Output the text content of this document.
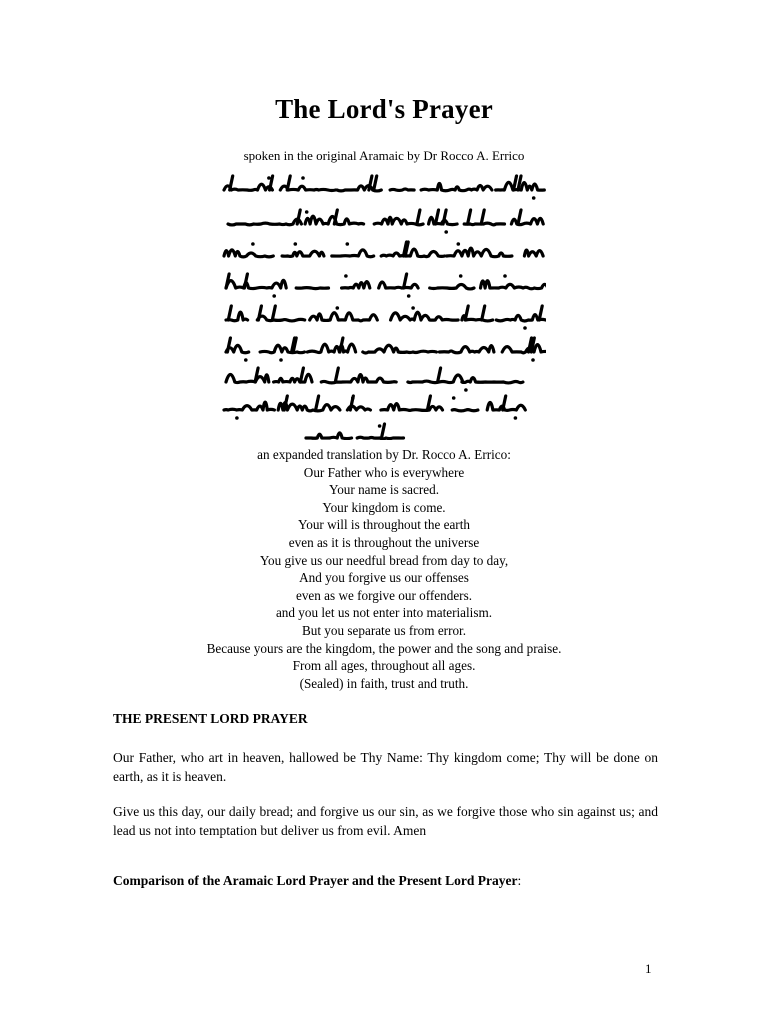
The Lord's Prayer
spoken in the original Aramaic by Dr Rocco A. Errico
an expanded translation by Dr. Rocco A. Errico:
Our Father who is everywhere
Your name is sacred.
Your kingdom is come.
Your will is throughout the earth
even as it is throughout the universe
You give us our needful bread from day to day,
And you forgive us our offenses
even as we forgive our offenders.
and you let us not enter into materialism.
But you separate us from error.
Because yours are the kingdom, the power and the song and praise.
From all ages, throughout all ages.
(Sealed) in faith, trust and truth.
THE PRESENT LORD PRAYER
Our Father, who art in heaven, hallowed be Thy Name: Thy kingdom come; Thy will be done on earth, as it is heaven.
Give us this day, our daily bread; and forgive us our sin, as we forgive those who sin against us; and lead us not into temptation but deliver us from evil. Amen
Comparison of the Aramaic Lord Prayer and the Present Lord Prayer:
1
